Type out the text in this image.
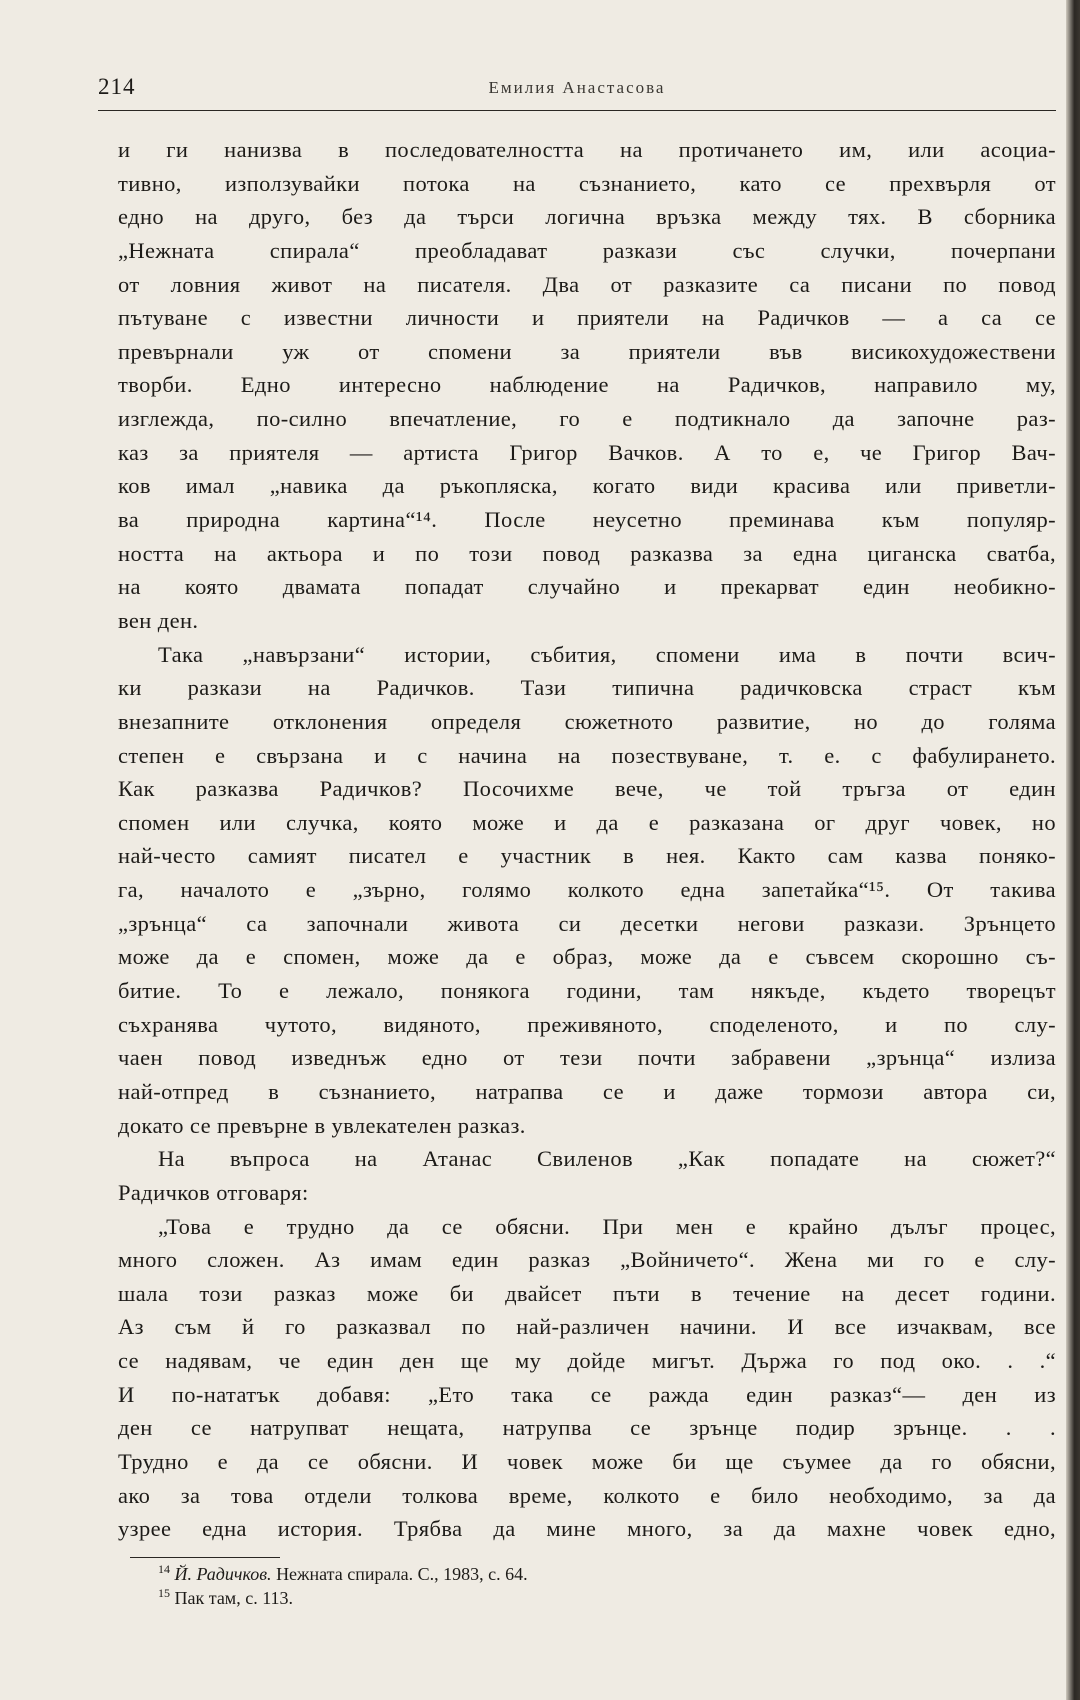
214	Емилия Анастасова
и ги нанизва в последователността на протичането им, или асоциа-
тивно, използувайки потока на съзнанието, като се прехвърля от
едно на друго, без да търси логична връзка между тях. В сборника
„Нежната спирала“ преобладават разкази със случки, почерпани
от ловния живот на писателя. Два от разказите са писани по повод
пътуване с известни личности и приятели на Радичков — а са се
превърнали уж от спомени за приятели във висикохудожествени
творби. Едно интересно наблюдение на Радичков, направило му,
изглежда, по-силно впечатление, го е подтикнало да започне раз-
каз за приятеля — артиста Григор Вачков. А то е, че Григор Вач-
ков имал „навика да ръкопляска, когато види красива или приветли-
ва природна картина“¹⁴. После неусетно преминава към популяр-
ността на актьора и по този повод разказва за една циганска сватба,
на която двамата попадат случайно и прекарват един необикно-
вен ден.
Така „навързани“ истории, събития, спомени има в почти всич-
ки разкази на Радичков. Тази типична радичковска страст към
внезапните отклонения определя сюжетното развитие, но до голяма
степен е свързана и с начина на позествуване, т. е. с фабулирането.
Как разказва Радичков? Посочихме вече, че той тръгза от един
спомен или случка, която може и да е разказана ог друг човек, но
най-често самият писател е участник в нея. Както сам казва поняко-
га, началото е „зърно, голямо колкото една запетайка“¹⁵. От такива
„зрънца“ са започнали живота си десетки негови разкази. Зрънцето
може да е спомен, може да е образ, може да е съвсем скорошно съ-
битие. То е лежало, понякога години, там някъде, където творецът
съхранява чутото, видяното, преживяното, споделеното, и по слу-
чаен повод изведнъж едно от тези почти забравени „зрънца“ излиза
най-отпред в съзнанието, натрапва се и даже тормози автора си,
докато се превърне в увлекателен разказ.
На въпроса на Атанас Свиленов „Как попадате на сюжет?“
Радичков отговаря:
„Това е трудно да се обясни. При мен е крайно дълъг процес,
много сложен. Аз имам един разказ „Войничето“. Жена ми го е слу-
шала този разказ може би двайсет пъти в течение на десет години.
Аз съм й го разказвал по най-различен начини. И все изчаквам, все
се надявам, че един ден ще му дойде мигът. Държа го под око. . .“
И по-нататък добавя: „Ето така се ражда един разказ“— ден из
ден се натрупват нещата, натрупва се зрънце подир зрънце. . .
Трудно е да се обясни. И човек може би ще съумее да го обясни,
ако за това отдели толкова време, колкото е било необходимо, за да
узрее една история. Трябва да мине много, за да махне човек едно,
$^{14}$ Й. Радичков. Нежната спирала. С., 1983, с. 64.
$^{15}$ Пак там, с. 113.
